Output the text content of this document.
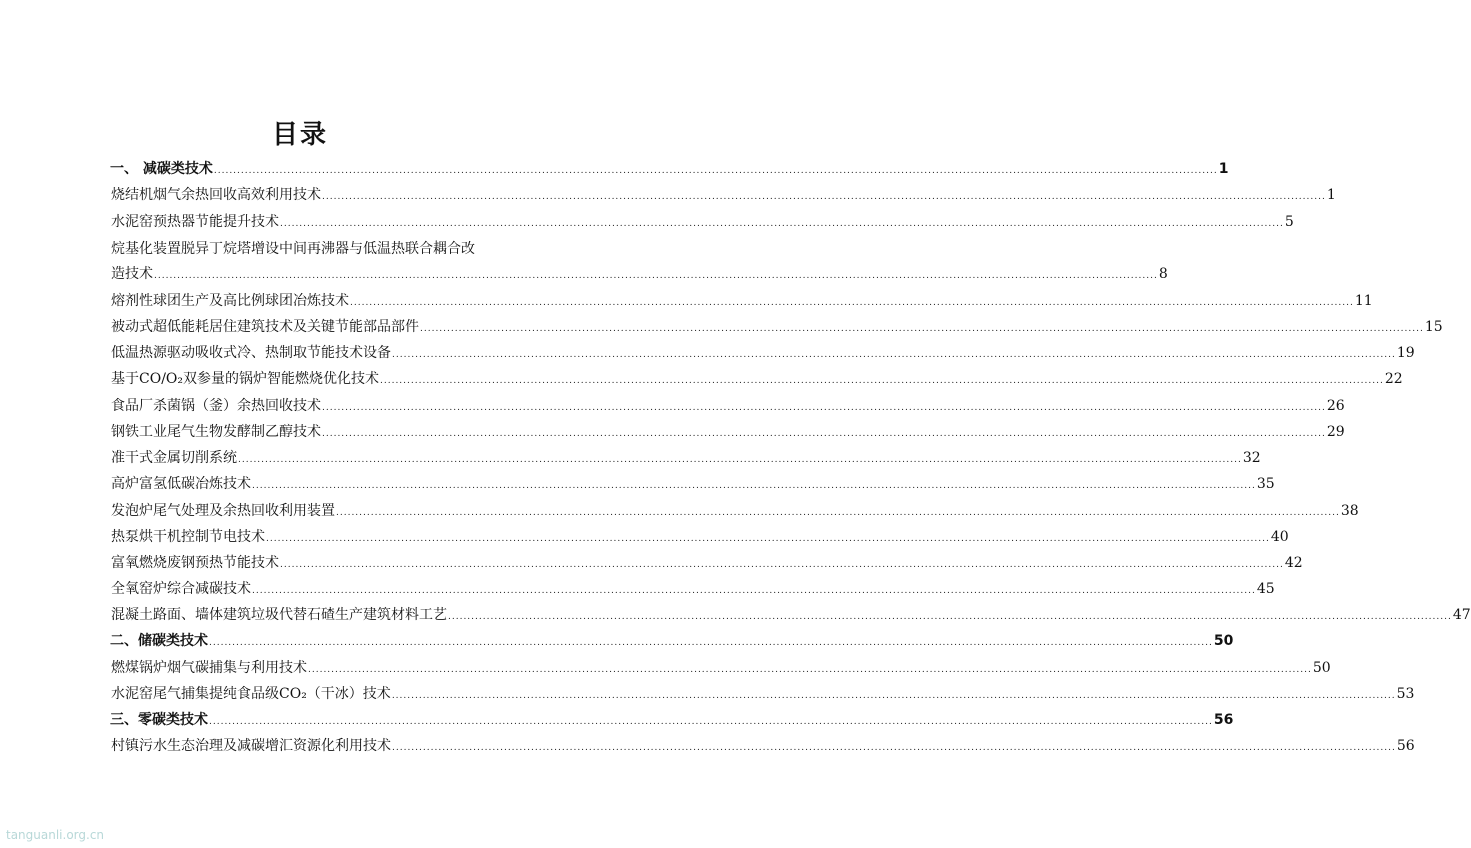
目录
一、 减碳类技术 .................................................................................................................................................................................................................................................................... 1
烧结机烟气余热回收高效利用技术 .................................................................................................................................................................................................................................................................... 1
水泥窑预热器节能提升技术 .................................................................................................................................................................................................................................................................... 5
烷基化装置脱异丁烷塔增设中间再沸器与低温热联合耦合改
造技术 .................................................................................................................................................................................................................................................................... 8
熔剂性球团生产及高比例球团冶炼技术 .................................................................................................................................................................................................................................................................... 11
被动式超低能耗居住建筑技术及关键节能部品部件 .................................................................................................................................................................................................................................................................... 15
低温热源驱动吸收式冷、热制取节能技术设备 .................................................................................................................................................................................................................................................................... 19
基于CO/O₂双参量的锅炉智能燃烧优化技术 .................................................................................................................................................................................................................................................................... 22
食品厂杀菌锅（釜）余热回收技术 .................................................................................................................................................................................................................................................................... 26
钢铁工业尾气生物发酵制乙醇技术 .................................................................................................................................................................................................................................................................... 29
准干式金属切削系统 .................................................................................................................................................................................................................................................................... 32
高炉富氢低碳冶炼技术 .................................................................................................................................................................................................................................................................... 35
发泡炉尾气处理及余热回收利用装置 .................................................................................................................................................................................................................................................................... 38
热泵烘干机控制节电技术 .................................................................................................................................................................................................................................................................... 40
富氧燃烧废钢预热节能技术 .................................................................................................................................................................................................................................................................... 42
全氧窑炉综合减碳技术 .................................................................................................................................................................................................................................................................... 45
混凝土路面、墙体建筑垃圾代替石碴生产建筑材料工艺 .................................................................................................................................................................................................................................................................... 47
二、储碳类技术 .................................................................................................................................................................................................................................................................... 50
燃煤锅炉烟气碳捕集与利用技术 .................................................................................................................................................................................................................................................................... 50
水泥窑尾气捕集提纯食品级CO₂（干冰）技术 .................................................................................................................................................................................................................................................................... 53
三、零碳类技术 .................................................................................................................................................................................................................................................................... 56
村镇污水生态治理及减碳增汇资源化利用技术 .................................................................................................................................................................................................................................................................... 56
tanguanli.org.cn
